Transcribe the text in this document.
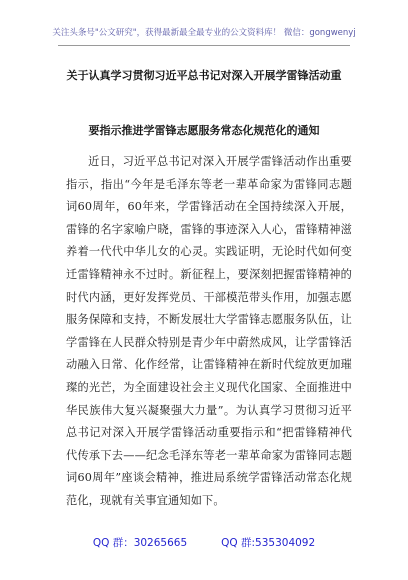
关注头条号"公文研究"，获得最新最全最专业的公文资料库！ 微信：gongwenyj
关于认真学习贯彻习近平总书记对深入开展学雷锋活动重
要指示推进学雷锋志愿服务常态化规范化的通知

近日，习近平总书记对深入开展学雷锋活动作出重要指示，指出“今年是毛泽东等老一辈革命家为雷锋同志题词60周年，60年来，学雷锋活动在全国持续深入开展，雷锋的名字家喻户晓，雷锋的事迹深入人心，雷锋精神滋养着一代代中华儿女的心灵。实践证明，无论时代如何变迁雷锋精神永不过时。新征程上，要深刻把握雷锋精神的时代内涵，更好发挥党员、干部模范带头作用，加强志愿服务保障和支持，不断发展壮大学雷锋志愿服务队伍，让学雷锋在人民群众特别是青少年中蔚然成风，让学雷锋活动融入日常、化作经常，让雷锋精神在新时代绽放更加璀璨的光芒，为全面建设社会主义现代化国家、全面推进中华民族伟大复兴凝聚强大力量”。为认真学习贯彻习近平总书记对深入开展学雷锋活动重要指示和“把雷锋精神代代传承下去——纪念毛泽东等老一辈革命家为雷锋同志题词60周年”座谈会精神，推进局系统学雷锋活动常态化规范化，现就有关事宜通知如下。

QQ 群：30265665	QQ 群:535304092
